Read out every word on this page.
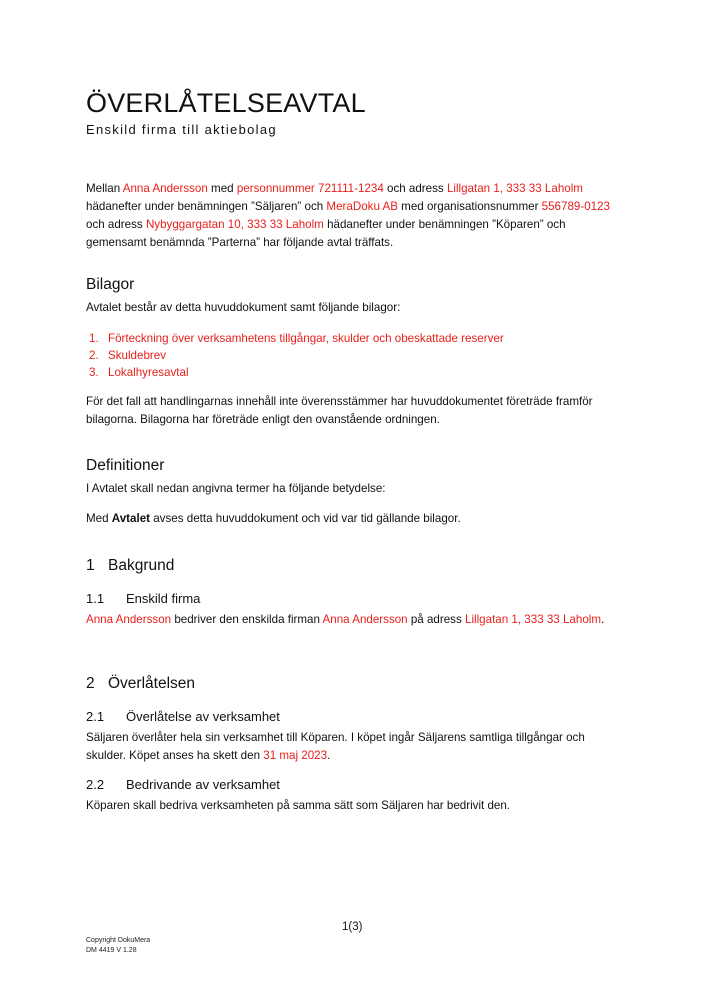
ÖVERLÅTELSEAVTAL
Enskild firma till aktiebolag
Mellan Anna Andersson med personnummer 721111-1234 och adress Lillgatan 1, 333 33 Laholm hädanefter under benämningen ”Säljaren” och MeraDoku AB med organisationsnummer 556789-0123 och adress Nybyggargatan 10, 333 33 Laholm hädanefter under benämningen ”Köparen” och gemensamt benämnda ”Parterna” har följande avtal träffats.
Bilagor
Avtalet består av detta huvuddokument samt följande bilagor:
1. Förteckning över verksamhetens tillgångar, skulder och obeskattade reserver
2. Skuldebrev
3. Lokalhyresavtal
För det fall att handlingarnas innehåll inte överensstämmer har huvuddokumentet företräde framför bilagorna. Bilagorna har företräde enligt den ovanstående ordningen.
Definitioner
I Avtalet skall nedan angivna termer ha följande betydelse:
Med Avtalet avses detta huvuddokument och vid var tid gällande bilagor.
1 Bakgrund
1.1 Enskild firma
Anna Andersson bedriver den enskilda firman Anna Andersson på adress Lillgatan 1, 333 33 Laholm.
2 Överlåtelsen
2.1 Överlåtelse av verksamhet
Säljaren överlåter hela sin verksamhet till Köparen. I köpet ingår Säljarens samtliga tillgångar och skulder. Köpet anses ha skett den 31 maj 2023.
2.2 Bedrivande av verksamhet
Köparen skall bedriva verksamheten på samma sätt som Säljaren har bedrivit den.
1(3)
Copyright DokuMera
DM 4419 V 1.28
